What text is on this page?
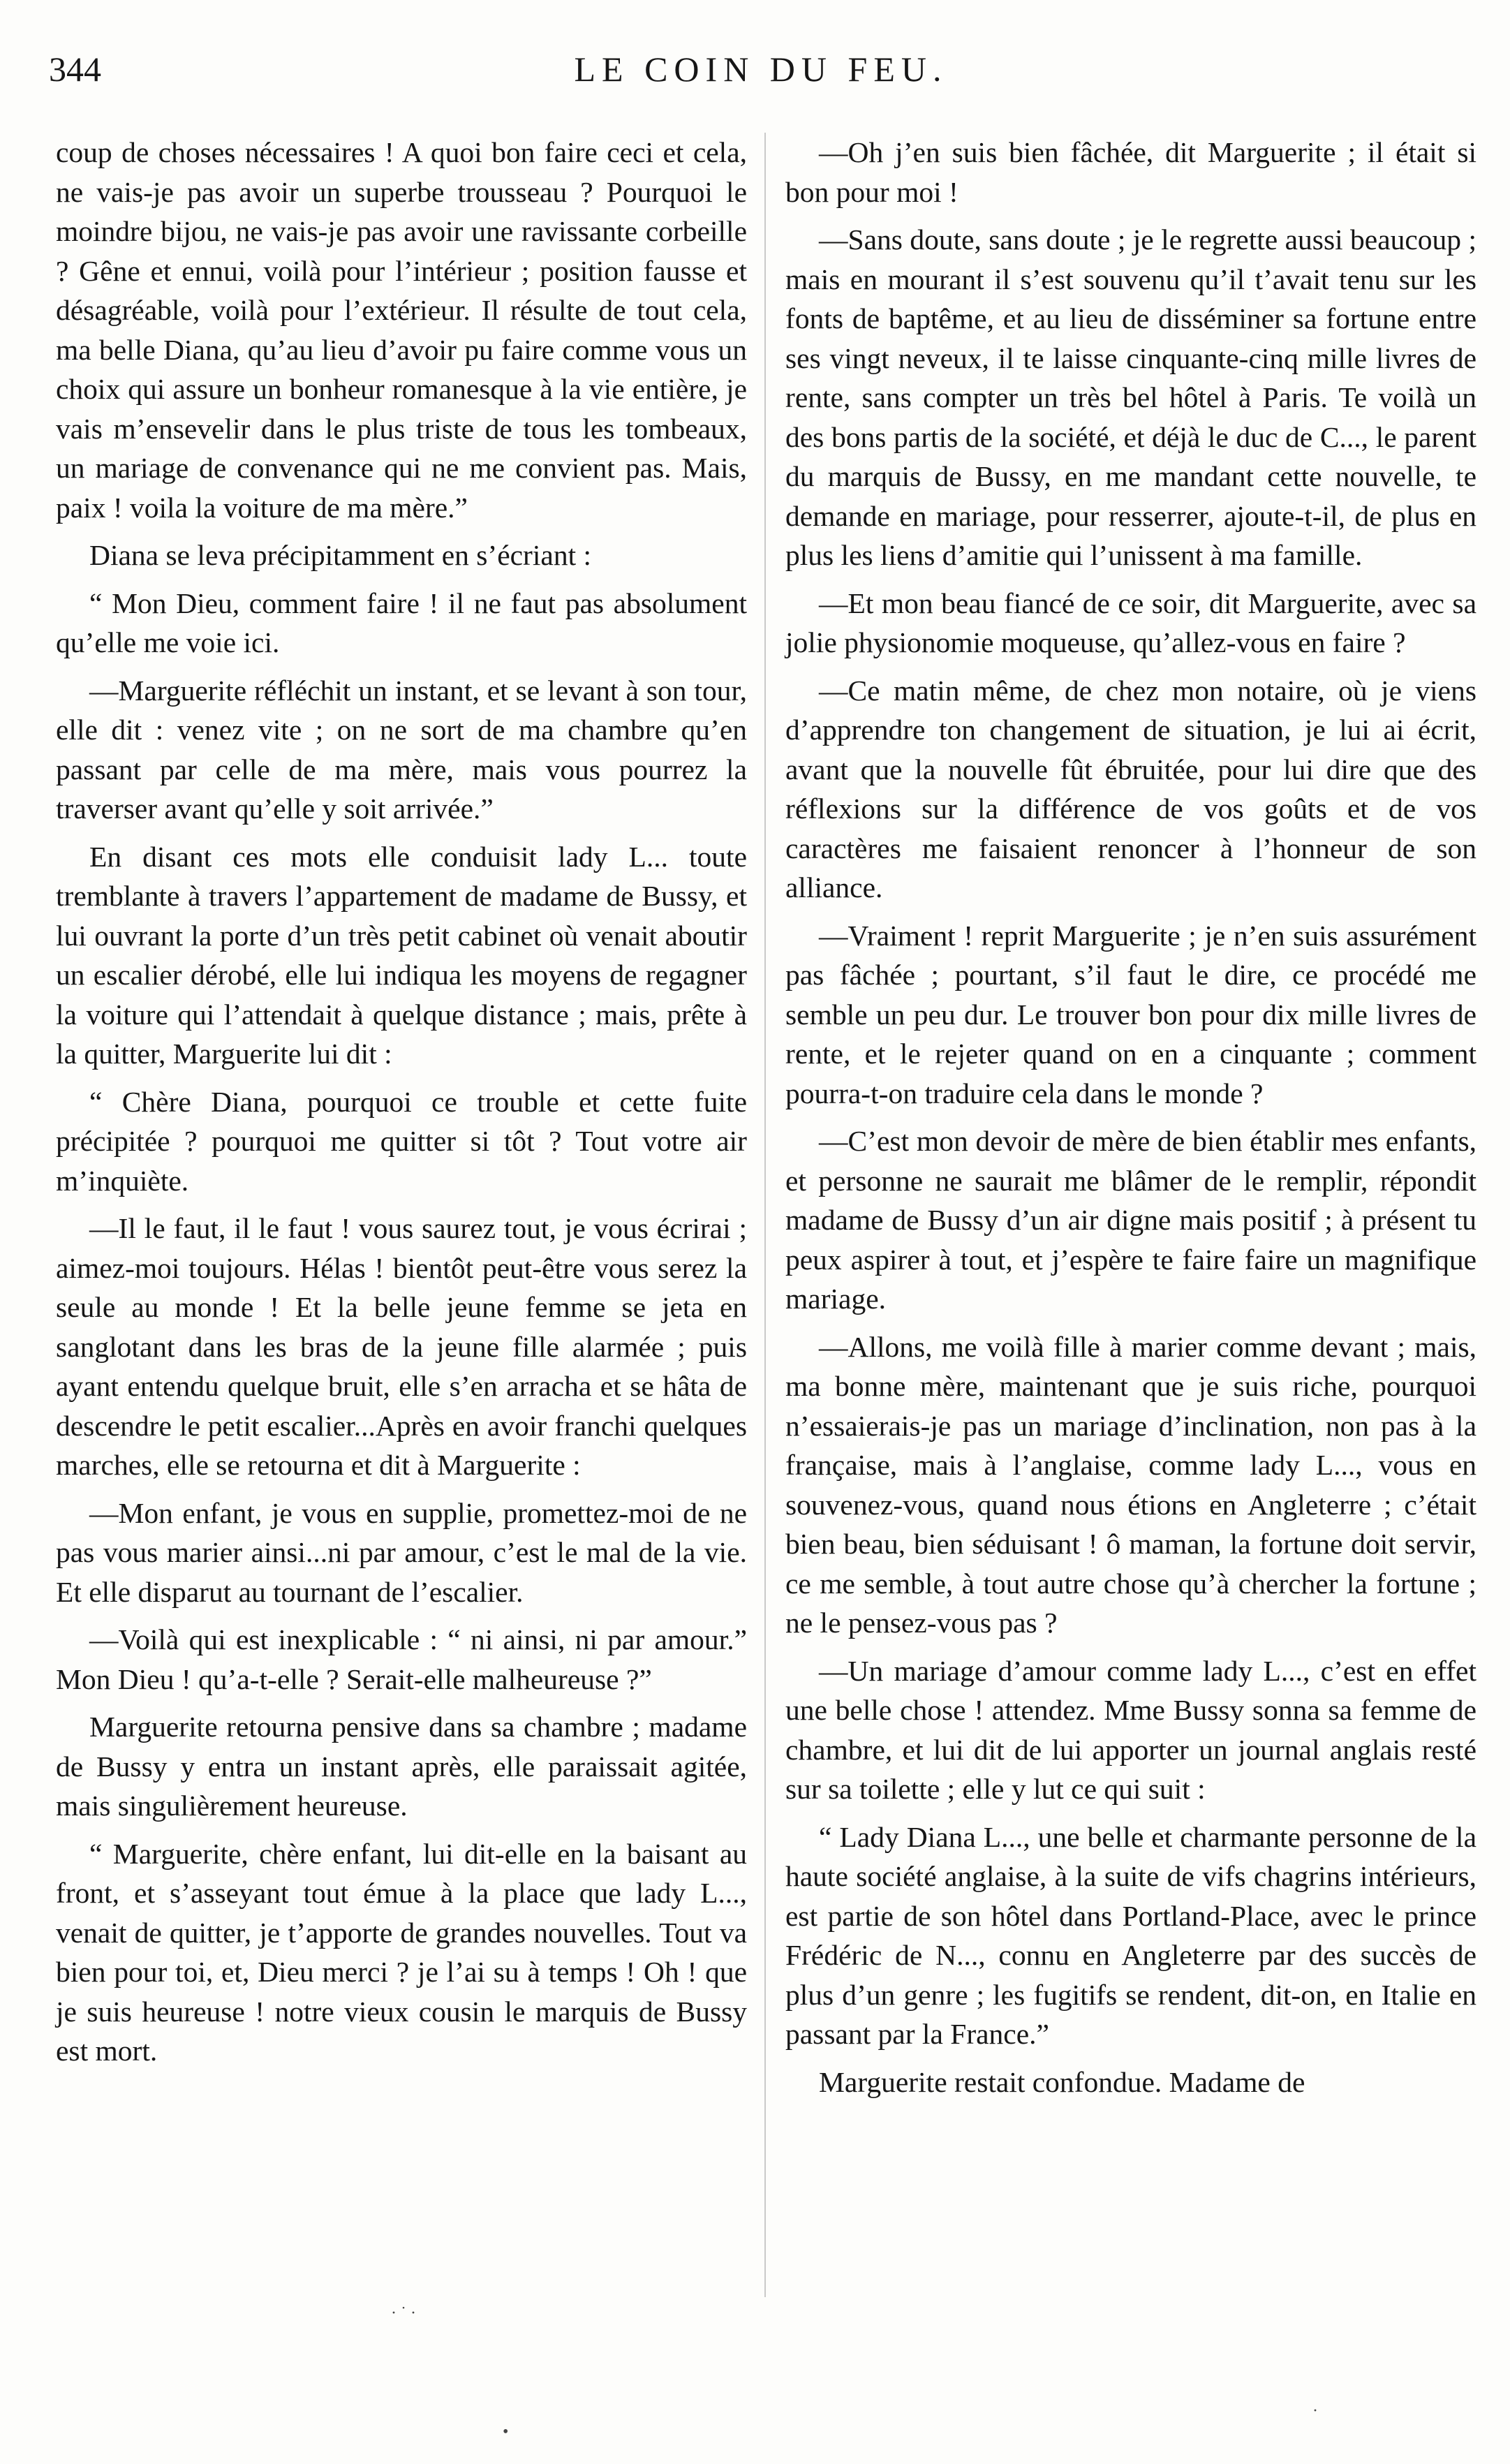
344	LE COIN DU FEU.

coup de choses nécessaires ! A quoi bon faire ceci et cela, ne vais-je pas avoir un superbe trousseau ? Pourquoi le moindre bijou, ne vais-je pas avoir une ravissante corbeille ? Gêne et ennui, voilà pour l’intérieur ; position fausse et désagréable, voilà pour l’extérieur. Il résulte de tout cela, ma belle Diana, qu’au lieu d’avoir pu faire comme vous un choix qui assure un bonheur romanesque à la vie entière, je vais m’ensevelir dans le plus triste de tous les tombeaux, un mariage de convenance qui ne me convient pas. Mais, paix ! voila la voiture de ma mère.”

Diana se leva précipitamment en s’écriant :

“ Mon Dieu, comment faire ! il ne faut pas absolument qu’elle me voie ici.

—Marguerite réfléchit un instant, et se levant à son tour, elle dit : venez vite ; on ne sort de ma chambre qu’en passant par celle de ma mère, mais vous pourrez la traverser avant qu’elle y soit arrivée.”

En disant ces mots elle conduisit lady L... toute tremblante à travers l’appartement de madame de Bussy, et lui ouvrant la porte d’un très petit cabinet où venait aboutir un escalier dérobé, elle lui indiqua les moyens de regagner la voiture qui l’attendait à quelque distance ; mais, prête à la quitter, Marguerite lui dit :

“ Chère Diana, pourquoi ce trouble et cette fuite précipitée ? pourquoi me quitter si tôt ? Tout votre air m’inquiète.

—Il le faut, il le faut ! vous saurez tout, je vous écrirai ; aimez-moi toujours. Hélas ! bientôt peut-être vous serez la seule au monde ! Et la belle jeune femme se jeta en sanglotant dans les bras de la jeune fille alarmée ; puis ayant entendu quelque bruit, elle s’en arracha et se hâta de descendre le petit escalier...Après en avoir franchi quelques marches, elle se retourna et dit à Marguerite :

—Mon enfant, je vous en supplie, promettez-moi de ne pas vous marier ainsi...ni par amour, c’est le mal de la vie. Et elle disparut au tournant de l’escalier.

—Voilà qui est inexplicable : “ ni ainsi, ni par amour.” Mon Dieu ! qu’a-t-elle ? Serait-elle malheureuse ?”

Marguerite retourna pensive dans sa chambre ; madame de Bussy y entra un instant après, elle paraissait agitée, mais singulièrement heureuse.

“ Marguerite, chère enfant, lui dit-elle en la baisant au front, et s’asseyant tout émue à la place que lady L..., venait de quitter, je t’apporte de grandes nouvelles. Tout va bien pour toi, et, Dieu merci ? je l’ai su à temps ! Oh ! que je suis heureuse ! notre vieux cousin le marquis de Bussy est mort.

—Oh j’en suis bien fâchée, dit Marguerite ; il était si bon pour moi !

—Sans doute, sans doute ; je le regrette aussi beaucoup ; mais en mourant il s’est souvenu qu’il t’avait tenu sur les fonts de baptême, et au lieu de disséminer sa fortune entre ses vingt neveux, il te laisse cinquante-cinq mille livres de rente, sans compter un très bel hôtel à Paris. Te voilà un des bons partis de la société, et déjà le duc de C..., le parent du marquis de Bussy, en me mandant cette nouvelle, te demande en mariage, pour resserrer, ajoute-t-il, de plus en plus les liens d’amitie qui l’unissent à ma famille.

—Et mon beau fiancé de ce soir, dit Marguerite, avec sa jolie physionomie moqueuse, qu’allez-vous en faire ?

—Ce matin même, de chez mon notaire, où je viens d’apprendre ton changement de situation, je lui ai écrit, avant que la nouvelle fût ébruitée, pour lui dire que des réflexions sur la différence de vos goûts et de vos caractères me faisaient renoncer à l’honneur de son alliance.

—Vraiment ! reprit Marguerite ; je n’en suis assurément pas fâchée ; pourtant, s’il faut le dire, ce procédé me semble un peu dur. Le trouver bon pour dix mille livres de rente, et le rejeter quand on en a cinquante ; comment pourra-t-on traduire cela dans le monde ?

—C’est mon devoir de mère de bien établir mes enfants, et personne ne saurait me blâmer de le remplir, répondit madame de Bussy d’un air digne mais positif ; à présent tu peux aspirer à tout, et j’espère te faire faire un magnifique mariage.

—Allons, me voilà fille à marier comme devant ; mais, ma bonne mère, maintenant que je suis riche, pourquoi n’essaierais-je pas un mariage d’inclination, non pas à la française, mais à l’anglaise, comme lady L..., vous en souvenez-vous, quand nous étions en Angleterre ; c’était bien beau, bien séduisant ! ô maman, la fortune doit servir, ce me semble, à tout autre chose qu’à chercher la fortune ; ne le pensez-vous pas ?

—Un mariage d’amour comme lady L..., c’est en effet une belle chose ! attendez. Mme Bussy sonna sa femme de chambre, et lui dit de lui apporter un journal anglais resté sur sa toilette ; elle y lut ce qui suit :

“ Lady Diana L..., une belle et charmante personne de la haute société anglaise, à la suite de vifs chagrins intérieurs, est partie de son hôtel dans Portland-Place, avec le prince Frédéric de N..., connu en Angleterre par des succès de plus d’un genre ; les fugitifs se rendent, dit-on, en Italie en passant par la France.”

Marguerite restait confondue. Madame de

· ˙ ·
•
·
